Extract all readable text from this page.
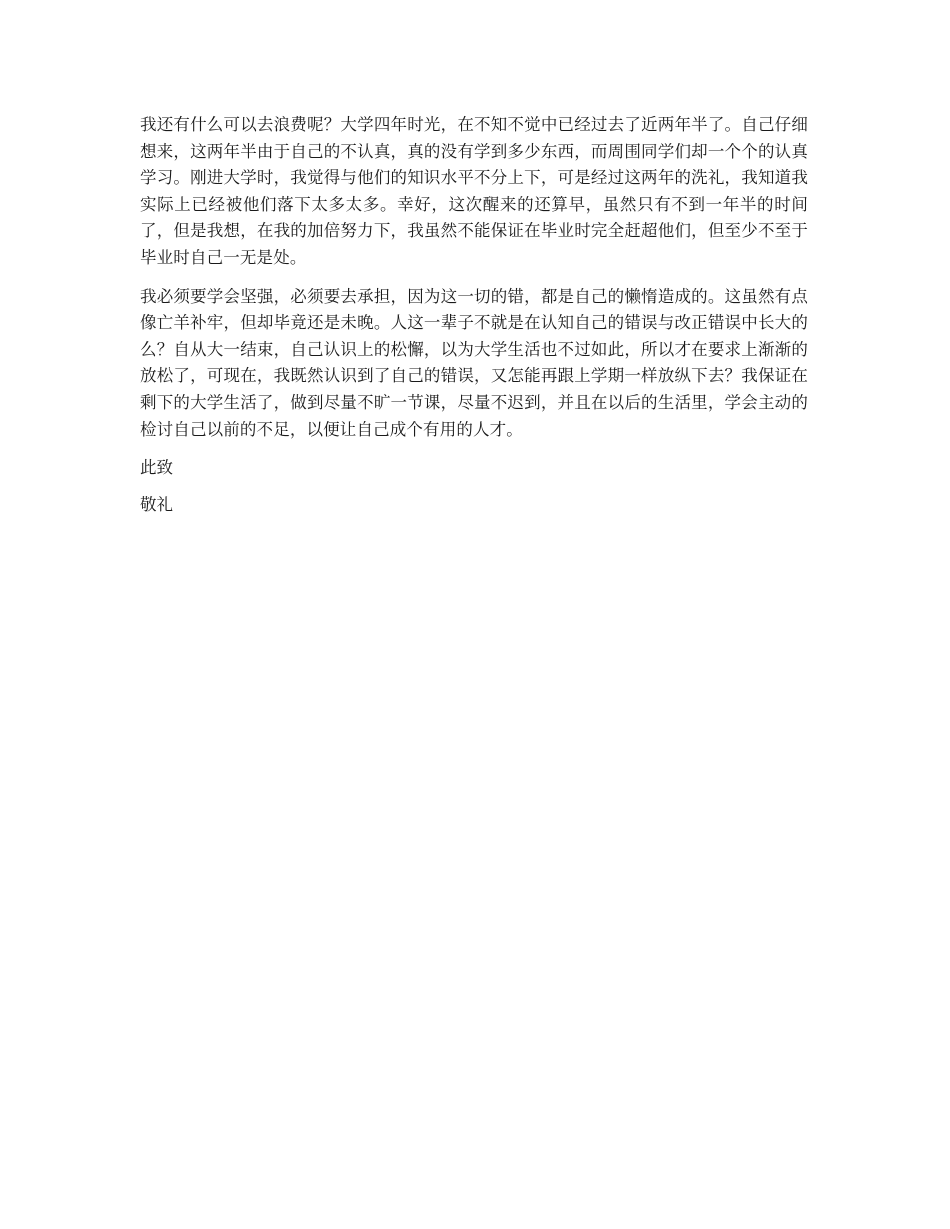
我还有什么可以去浪费呢？大学四年时光，在不知不觉中已经过去了近两年半了。自己仔细想来，这两年半由于自己的不认真，真的没有学到多少东西，而周围同学们却一个个的认真学习。刚进大学时，我觉得与他们的知识水平不分上下，可是经过这两年的洗礼，我知道我实际上已经被他们落下太多太多。幸好，这次醒来的还算早，虽然只有不到一年半的时间了，但是我想，在我的加倍努力下，我虽然不能保证在毕业时完全赶超他们，但至少不至于毕业时自己一无是处。

我必须要学会坚强，必须要去承担，因为这一切的错，都是自己的懒惰造成的。这虽然有点像亡羊补牢，但却毕竟还是未晚。人这一辈子不就是在认知自己的错误与改正错误中长大的么？自从大一结束，自己认识上的松懈，以为大学生活也不过如此，所以才在要求上渐渐的放松了，可现在，我既然认识到了自己的错误，又怎能再跟上学期一样放纵下去？我保证在剩下的大学生活了，做到尽量不旷一节课，尽量不迟到，并且在以后的生活里，学会主动的检讨自己以前的不足，以便让自己成个有用的人才。

此致

敬礼
